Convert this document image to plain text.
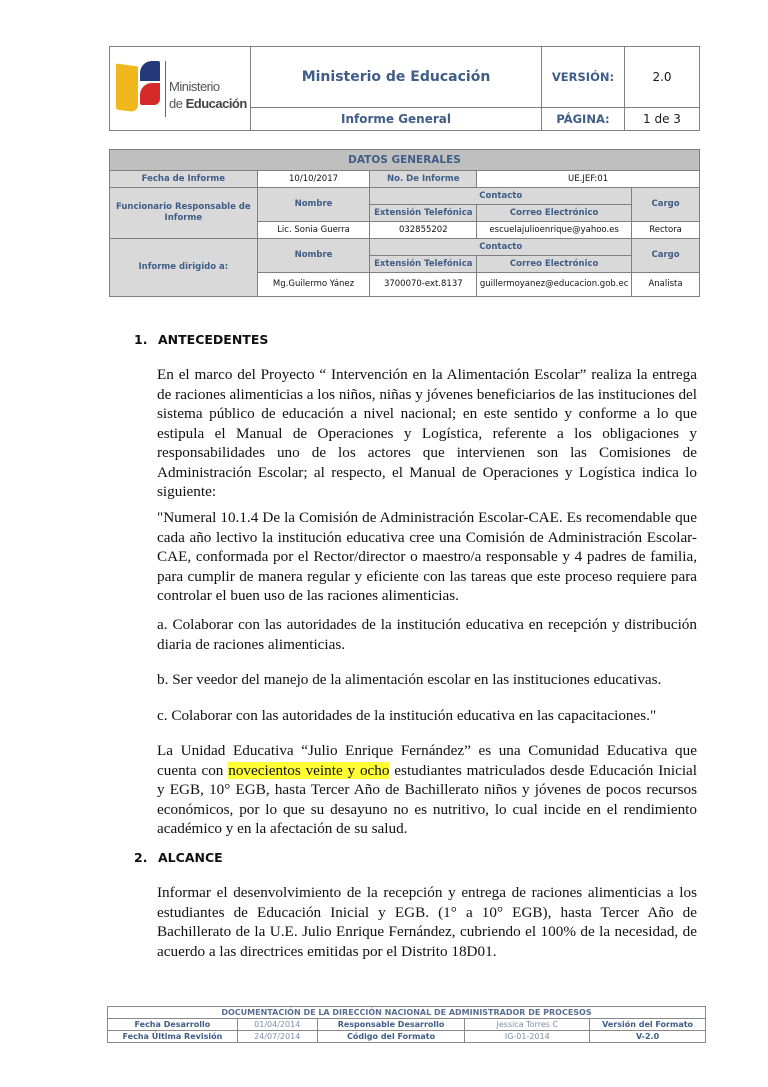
Ministerio
de Educación	Ministerio de Educación	VERSIÓN:	2.0
	Informe General	PÁGINA:	1 de 3
DATOS GENERALES				
Fecha de Informe	10/10/2017	No. De Informe	UE.JEF:01	
Funcionario Responsable de Informe	Nombre	Contacto		Cargo
		Extensión Telefónica	Correo Electrónico	
	Lic. Sonia Guerra	032855202	escuelajulioenrique@yahoo.es	Rectora
Informe dirigido a:	Nombre	Contacto		Cargo
		Extensión Telefónica	Correo Electrónico	
	Mg.Guilermo Yánez	3700070-ext.8137	guillermoyanez@educacion.gob.ec	Analista
1. ANTECEDENTES

En el marco del Proyecto “ Intervención en la Alimentación Escolar” realiza la entrega de raciones alimenticias a los niños, niñas y jóvenes beneficiarios de las instituciones del sistema público de educación a nivel nacional; en este sentido y conforme a lo que estipula el Manual de Operaciones y Logística, referente a los obligaciones y responsabilidades uno de los actores que intervienen son las Comisiones de Administración Escolar; al respecto, el Manual de Operaciones y Logística indica lo siguiente:

"Numeral 10.1.4 De la Comisión de Administración Escolar-CAE. Es recomendable que cada año lectivo la institución educativa cree una Comisión de Administración Escolar-CAE, conformada por el Rector/director o maestro/a responsable y 4 padres de familia, para cumplir de manera regular y eficiente con las tareas que este proceso requiere para controlar el buen uso de las raciones alimenticias.

a. Colaborar con las autoridades de la institución educativa en recepción y distribución diaria de raciones alimenticias.

b. Ser veedor del manejo de la alimentación escolar en las instituciones educativas.

c. Colaborar con las autoridades de la institución educativa en las capacitaciones."

La Unidad Educativa “Julio Enrique Fernández” es una Comunidad Educativa que cuenta con novecientos veinte y ocho estudiantes matriculados desde Educación Inicial y EGB, 10° EGB, hasta Tercer Año de Bachillerato niños y jóvenes de pocos recursos económicos, por lo que su desayuno no es nutritivo, lo cual incide en el rendimiento académico y en la afectación de su salud.

2. ALCANCE

Informar el desenvolvimiento de la recepción y entrega de raciones alimenticias a los estudiantes de Educación Inicial y EGB. (1° a 10° EGB), hasta Tercer Año de Bachillerato de la U.E. Julio Enrique Fernández, cubriendo el 100% de la necesidad, de acuerdo a las directrices emitidas por el Distrito 18D01.

DOCUMENTACIÓN DE LA DIRECCIÓN NACIONAL DE ADMINISTRADOR DE PROCESOS				
Fecha Desarrollo	01/04/2014	Responsable Desarrollo	Jessica Torres C	Versión del Formato
Fecha Última Revisión	24/07/2014	Código del Formato	IG-01-2014	V-2.0
